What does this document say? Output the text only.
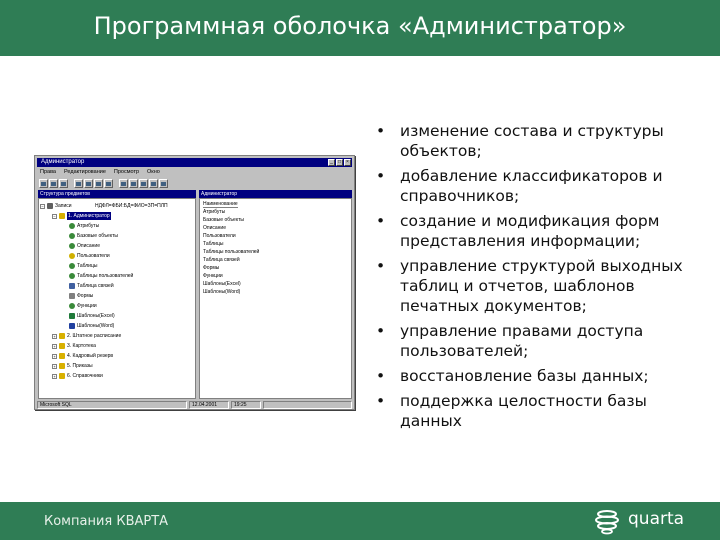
Программная оболочка «Администратор»
Администратор	_	□	×
Права Редактирование Просмотр Окно
Структура предметов	Администратор
− Записи	НДФЛ=ФБИ:БД=ФИО=ЗП=ПЛП
− 1. Администратор
Атрибуты
Базовые объекты
Описание
Пользователи
Таблицы
Таблицы пользователей
Таблица связей
Формы
Функции
Шаблоны(Excel)
Шаблоны(Word)
+ 2. Штатное расписание
+ 3. Картотека
+ 4. Кадровый резерв
+ 5. Приказы
+ 6. Справочники
Наименование
Атрибуты
Базовые объекты
Описание
Пользователи
Таблицы
Таблицы пользователей
Таблица связей
Формы
Функции
Шаблоны(Excel)
Шаблоны(Word)
Microsoft SQL	12.04.2001	19:25
• изменение состава и структуры объектов;
• добавление классификаторов и справочников;
• создание и модификация форм представления информации;
• управление структурой выходных таблиц и отчетов, шаблонов печатных документов;
• управление правами доступа пользователей;
• восстановление базы данных;
• поддержка целостности базы данных
Компания КВАРТА	quarta
